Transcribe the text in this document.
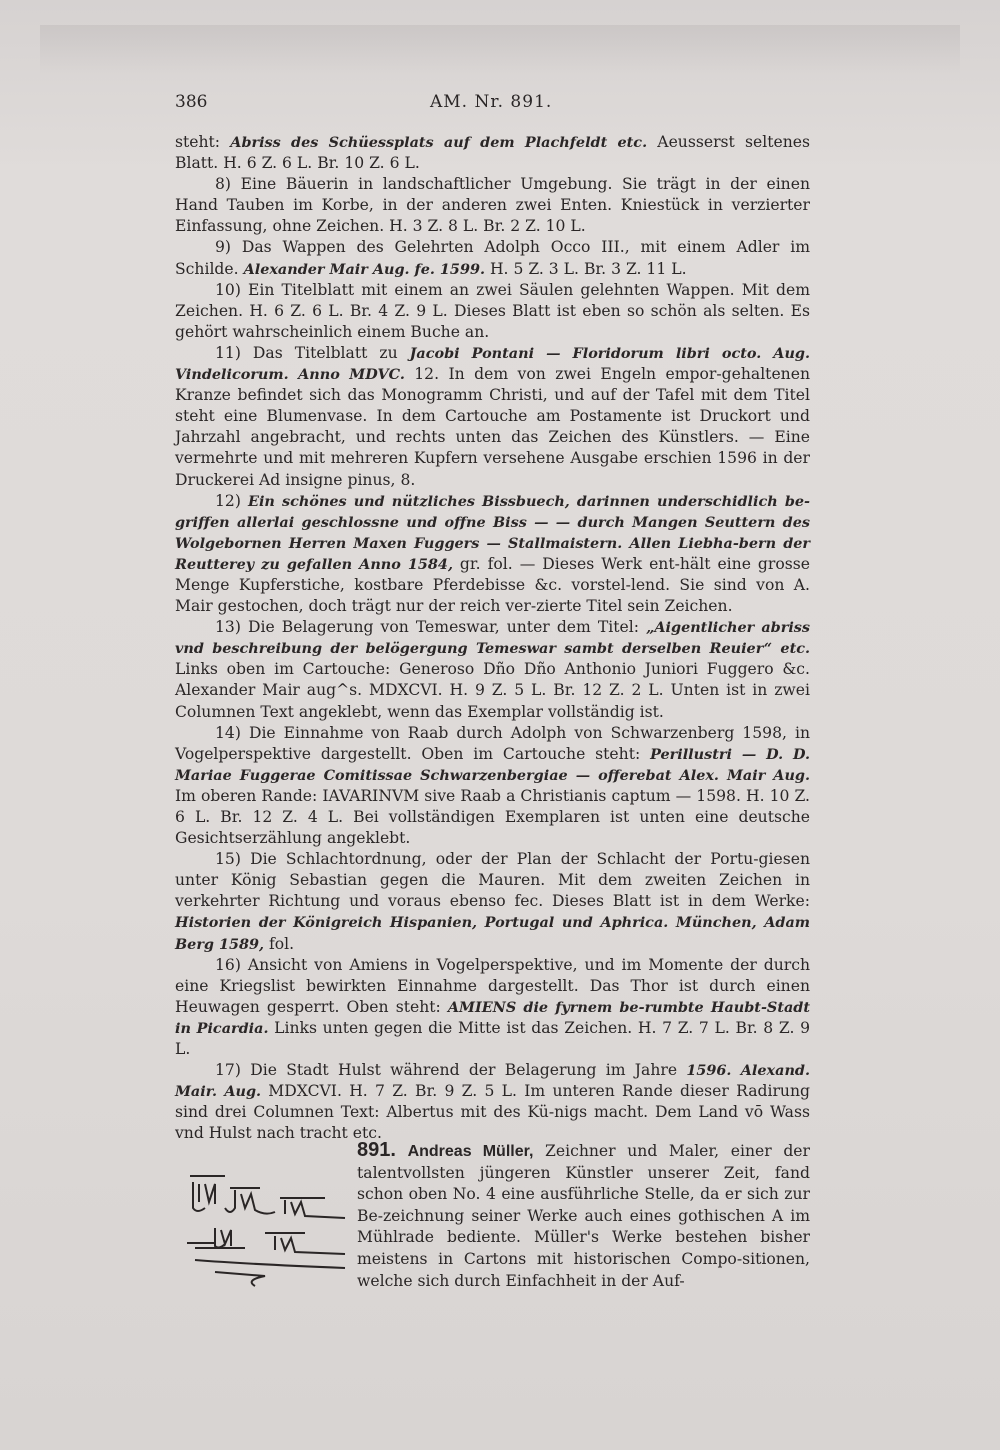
386	AM. Nr. 891.

steht: Abriss des Schüessplats auf dem Plachfeldt etc. Aeusserst seltenes Blatt. H. 6 Z. 6 L. Br. 10 Z. 6 L.

8) Eine Bäuerin in landschaftlicher Umgebung. Sie trägt in der einen Hand Tauben im Korbe, in der anderen zwei Enten. Kniestück in verzierter Einfassung, ohne Zeichen. H. 3 Z. 8 L. Br. 2 Z. 10 L.

9) Das Wappen des Gelehrten Adolph Occo III., mit einem Adler im Schilde. Alexander Mair Aug. fe. 1599. H. 5 Z. 3 L. Br. 3 Z. 11 L.

10) Ein Titelblatt mit einem an zwei Säulen gelehnten Wappen. Mit dem Zeichen. H. 6 Z. 6 L. Br. 4 Z. 9 L. Dieses Blatt ist eben so schön als selten. Es gehört wahrscheinlich einem Buche an.

11) Das Titelblatt zu Jacobi Pontani — Floridorum libri octo. Aug. Vindelicorum. Anno MDVC. 12. In dem von zwei Engeln empor-gehaltenen Kranze befindet sich das Monogramm Christi, und auf der Tafel mit dem Titel steht eine Blumenvase. In dem Cartouche am Postamente ist Druckort und Jahrzahl angebracht, und rechts unten das Zeichen des Künstlers. — Eine vermehrte und mit mehreren Kupfern versehene Ausgabe erschien 1596 in der Druckerei Ad insigne pinus, 8.

12) Ein schönes und nützliches Bissbuech, darinnen underschidlich be-griffen allerlai geschlossne und offne Biss — — durch Mangen Seuttern des Wolgebornen Herren Maxen Fuggers — Stallmaistern. Allen Liebha-bern der Reutterey zu gefallen Anno 1584, gr. fol. — Dieses Werk ent-hält eine grosse Menge Kupferstiche, kostbare Pferdebisse &c. vorstel-lend. Sie sind von A. Mair gestochen, doch trägt nur der reich ver-zierte Titel sein Zeichen.

13) Die Belagerung von Temeswar, unter dem Titel: „Aigentlicher abriss vnd beschreibung der belögergung Temeswar sambt derselben Reuier“ etc. Links oben im Cartouche: Generoso Dño Dño Anthonio Juniori Fuggero &c. Alexander Mair aug^s. MDXCVI. H. 9 Z. 5 L. Br. 12 Z. 2 L. Unten ist in zwei Columnen Text angeklebt, wenn das Exemplar vollständig ist.

14) Die Einnahme von Raab durch Adolph von Schwarzenberg 1598, in Vogelperspektive dargestellt. Oben im Cartouche steht: Perillustri — D. D. Mariae Fuggerae Comitissae Schwarzenbergiae — offerebat Alex. Mair Aug. Im oberen Rande: IAVARINVM sive Raab a Christianis captum — 1598. H. 10 Z. 6 L. Br. 12 Z. 4 L. Bei vollständigen Exemplaren ist unten eine deutsche Gesichtserzählung angeklebt.

15) Die Schlachtordnung, oder der Plan der Schlacht der Portu-giesen unter König Sebastian gegen die Mauren. Mit dem zweiten Zeichen in verkehrter Richtung und voraus ebenso fec. Dieses Blatt ist in dem Werke: Historien der Königreich Hispanien, Portugal und Aphrica. München, Adam Berg 1589, fol.

16) Ansicht von Amiens in Vogelperspektive, und im Momente der durch eine Kriegslist bewirkten Einnahme dargestellt. Das Thor ist durch einen Heuwagen gesperrt. Oben steht: AMIENS die fyrnem be-rumbte Haubt-Stadt in Picardia. Links unten gegen die Mitte ist das Zeichen. H. 7 Z. 7 L. Br. 8 Z. 9 L.

17) Die Stadt Hulst während der Belagerung im Jahre 1596. Alexand. Mair. Aug. MDXCVI. H. 7 Z. Br. 9 Z. 5 L. Im unteren Rande dieser Radirung sind drei Columnen Text: Albertus mit des Kü-nigs macht. Dem Land vō Wass vnd Hulst nach tracht etc.

891. Andreas Müller, Zeichner und Maler, einer der talentvollsten jüngeren Künstler unserer Zeit, fand schon oben No. 4 eine ausführliche Stelle, da er sich zur Be-zeichnung seiner Werke auch eines gothischen A im Mühlrade bediente. Müller's Werke bestehen bisher meistens in Cartons mit historischen Compo-sitionen, welche sich durch Einfachheit in der Auf-
